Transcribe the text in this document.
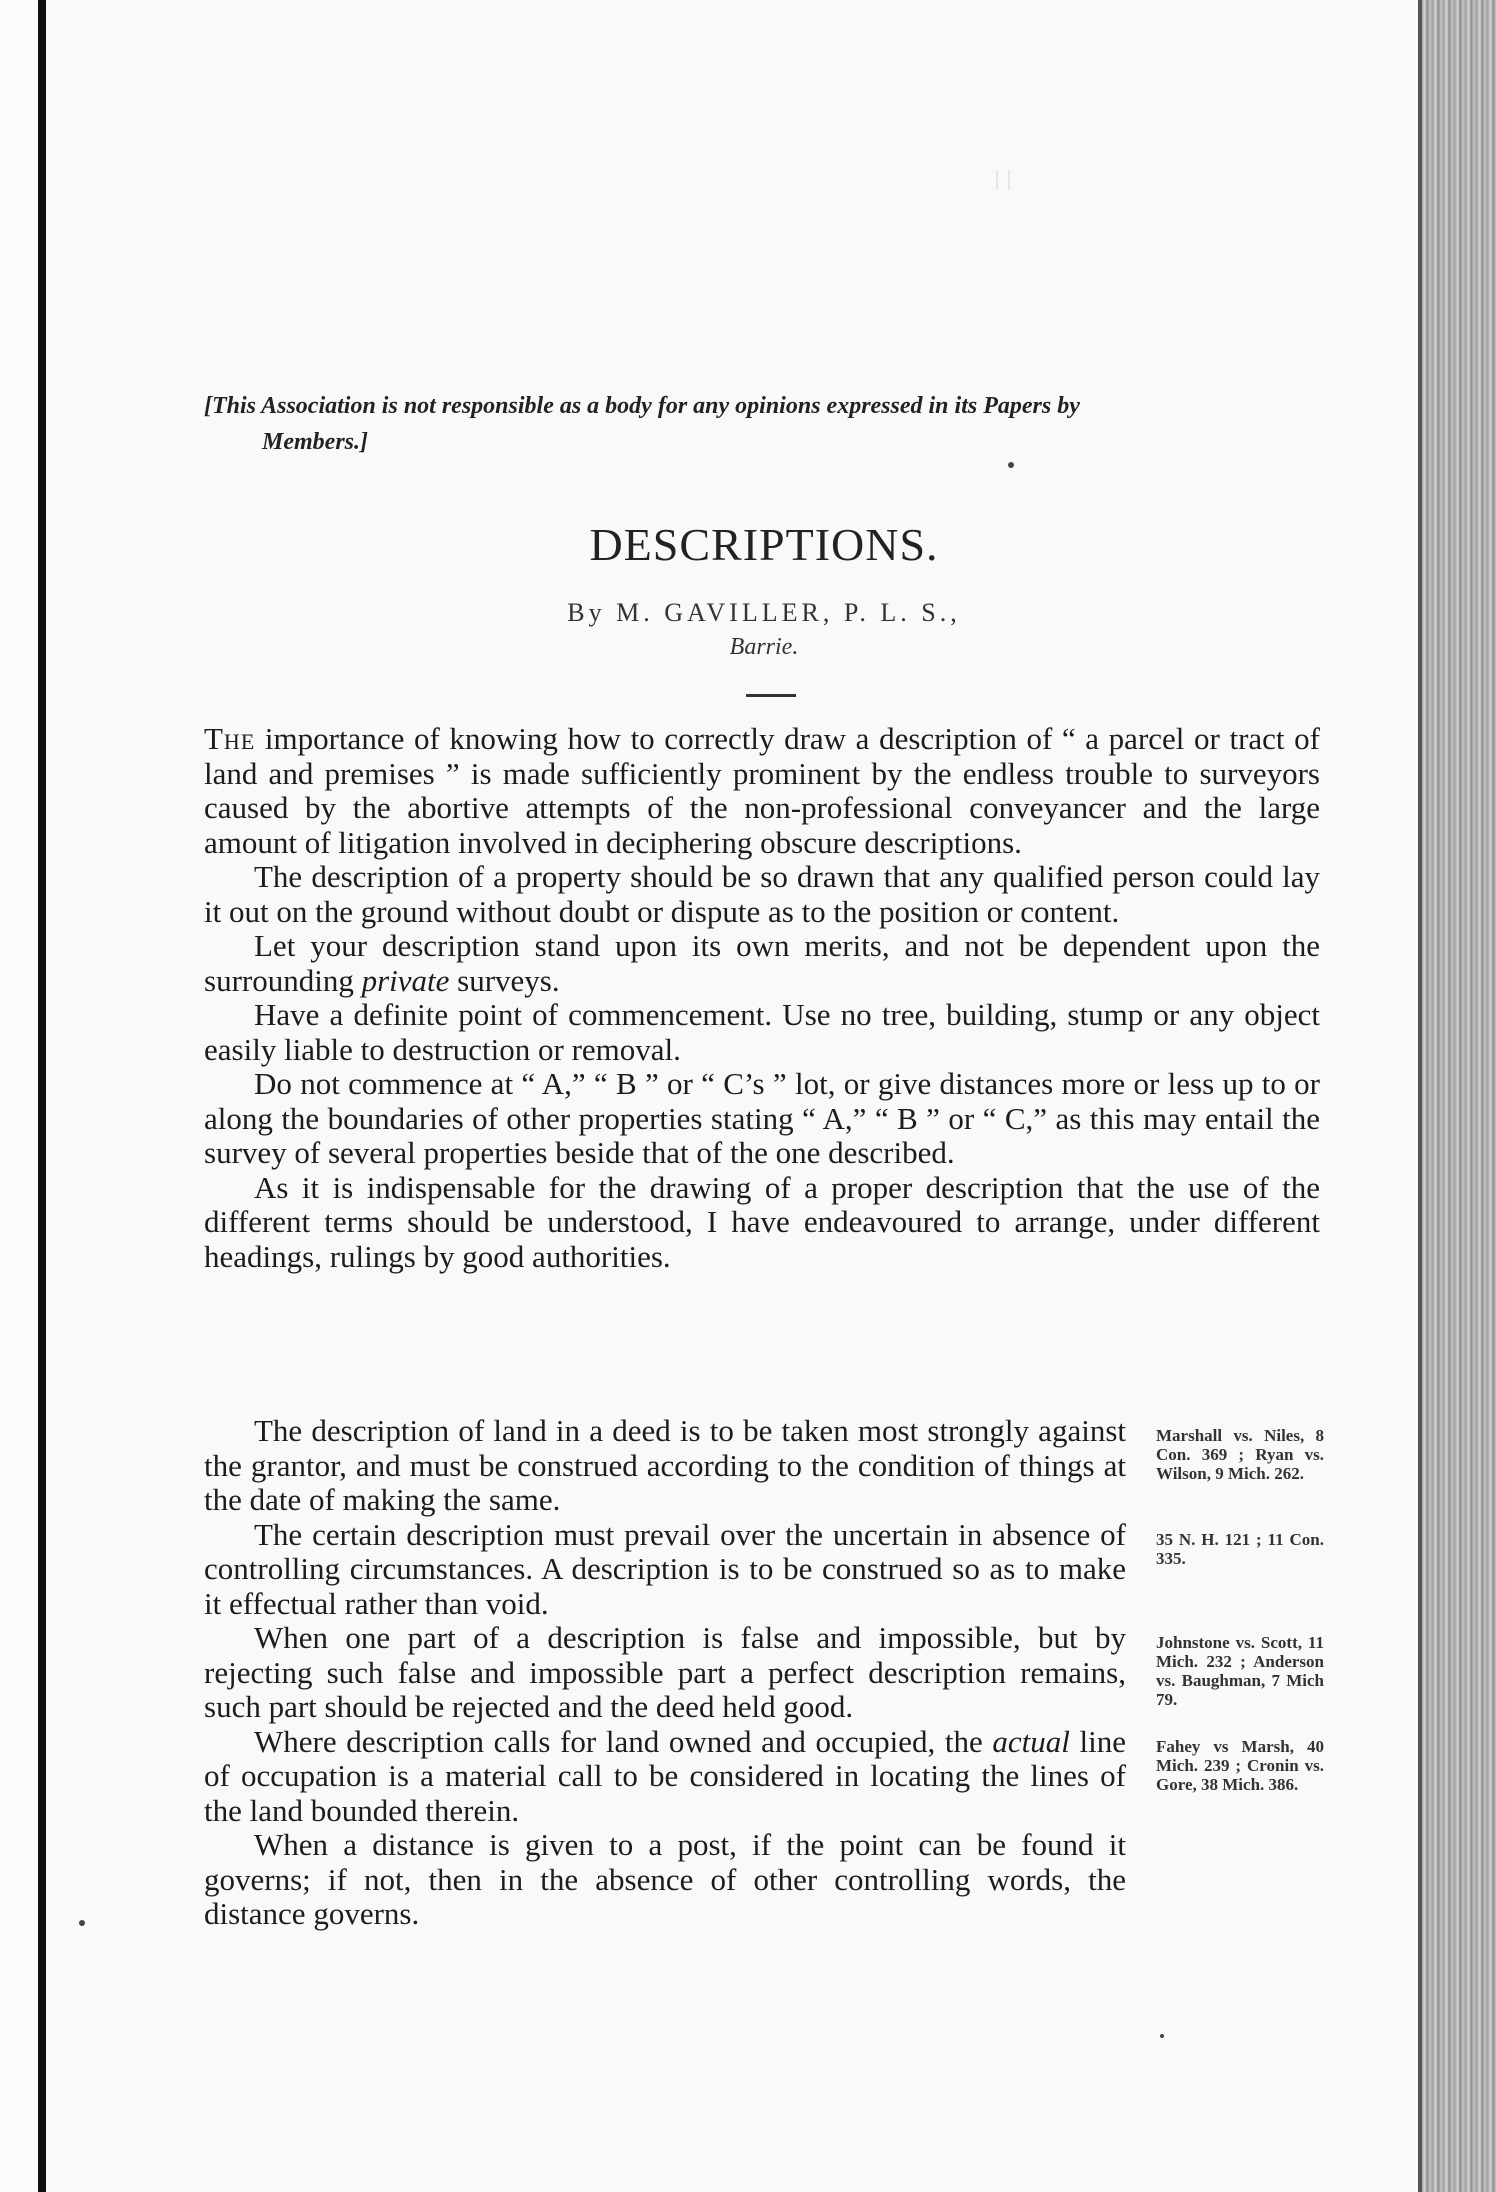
[This Association is not responsible as a body for any opinions expressed in its Papers by
Members.]
DESCRIPTIONS.
By M. GAVILLER, P. L. S.,
Barrie.

The importance of knowing how to correctly draw a description of “ a parcel or tract of land and premises ” is made sufficiently prominent by the endless trouble to surveyors caused by the abortive attempts of the non-professional conveyancer and the large amount of litigation involved in deciphering obscure descriptions.

The description of a property should be so drawn that any qualified person could lay it out on the ground without doubt or dispute as to the position or content.

Let your description stand upon its own merits, and not be dependent upon the surrounding private surveys.

Have a definite point of commencement. Use no tree, building, stump or any object easily liable to destruction or removal.

Do not commence at “ A,” “ B ” or “ C’s ” lot, or give distances more or less up to or along the boundaries of other properties stating “ A,” “ B ” or “ C,” as this may entail the survey of several properties beside that of the one described.

As it is indispensable for the drawing of a proper description that the use of the different terms should be understood, I have endeavoured to arrange, under different headings, rulings by good authorities.

The description of land in a deed is to be taken most strongly against the grantor, and must be construed according to the condition of things at the date of making the same.
Marshall vs. Niles, 8 Con. 369 ; Ryan vs. Wilson, 9 Mich. 262.
The certain description must prevail over the uncertain in absence of controlling circumstances. A description is to be construed so as to make it effectual rather than void.
35 N. H. 121 ; 11 Con. 335.
When one part of a description is false and impossible, but by rejecting such false and impossible part a perfect description remains, such part should be rejected and the deed held good.
Johnstone vs. Scott, 11 Mich. 232 ; Anderson vs. Baughman, 7 Mich 79.
Where description calls for land owned and occupied, the actual line of occupation is a material call to be considered in locating the lines of the land bounded therein.
Fahey vs Marsh, 40 Mich. 239 ; Cronin vs. Gore, 38 Mich. 386.
When a distance is given to a post, if the point can be found it governs; if not, then in the absence of other controlling words, the distance governs.
